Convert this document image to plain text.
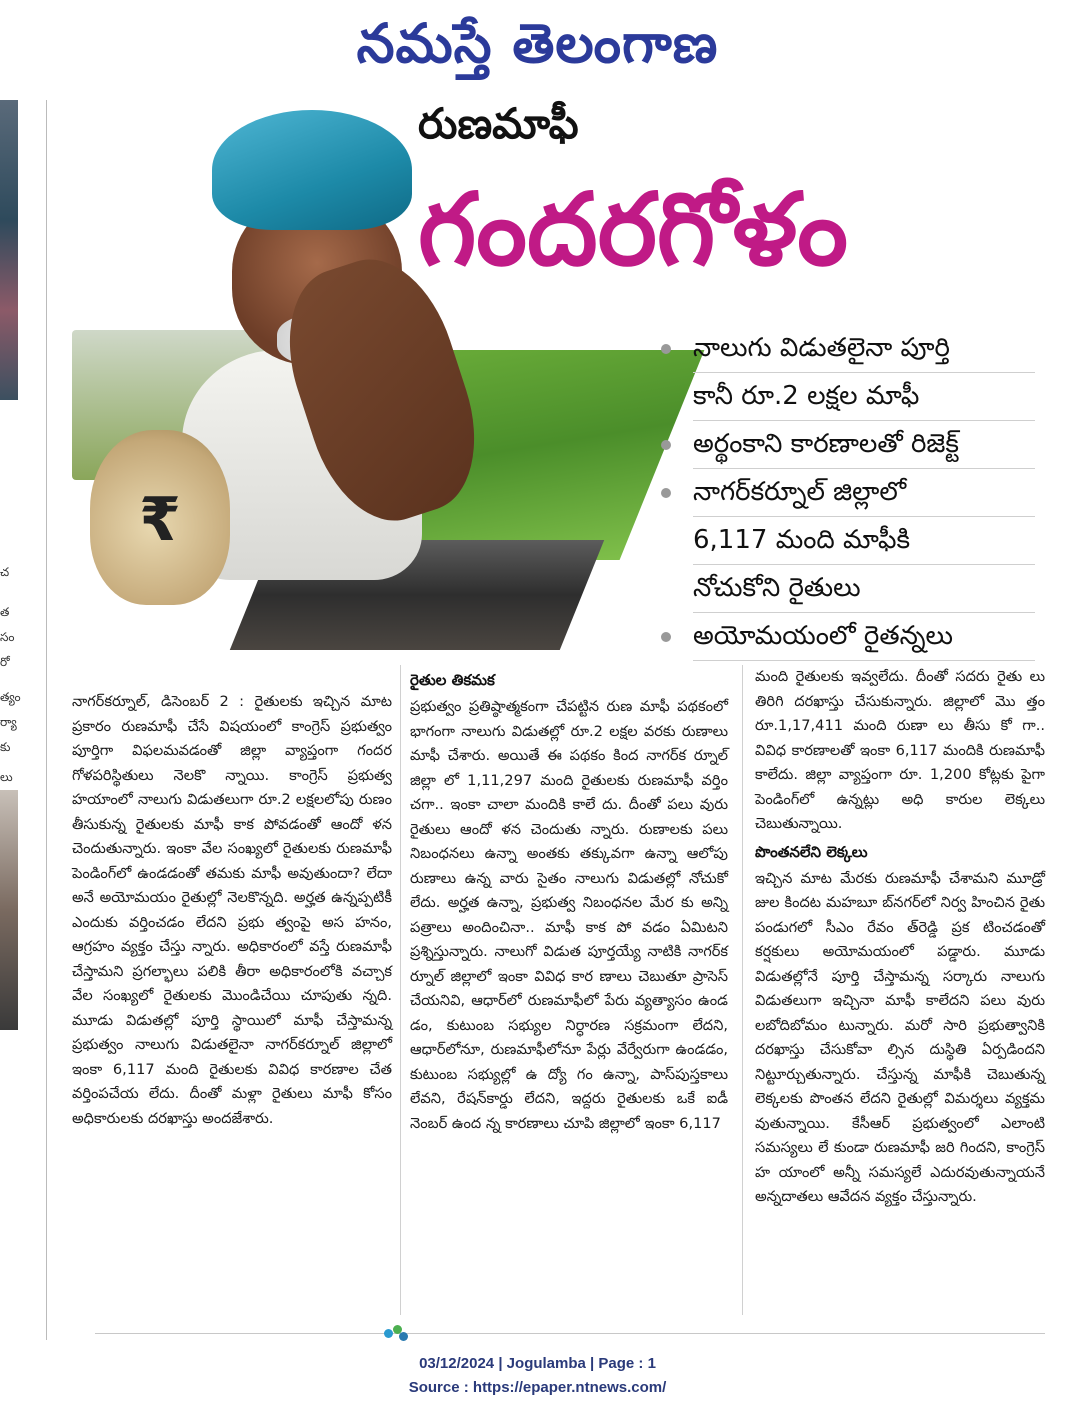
నమస్తే తెలంగాణ
చ
త
సం
రో
త్యం
ర్యా
కు
లు
₹
రుణమాఫీ
గందరగోళం
నాలుగు విడుతలైనా పూర్తి
కానీ రూ.2 లక్షల మాఫీ
అర్థంకాని కారణాలతో రిజెక్ట్
నాగర్‌కర్నూల్ జిల్లాలో
6,117 మంది మాఫీకి
నోచుకోని రైతులు
అయోమయంలో రైతన్నలు
నాగర్‌కర్నూల్, డిసెంబర్ 2 : రైతులకు ఇచ్చిన మాట ప్రకారం రుణమాఫీ చేసే విషయంలో కాంగ్రెస్ ప్రభుత్వం పూర్తిగా విఫలమవడంతో జిల్లా వ్యాప్తంగా గందర గోళపరిస్థితులు నెలకొ న్నాయి. కాంగ్రెస్ ప్రభుత్వ హయాంలో నాలుగు విడుతలుగా రూ.2 లక్షలలోపు రుణం తీసుకున్న రైతులకు మాఫీ కాక పోవడంతో ఆందో ళన చెందుతున్నారు. ఇంకా వేల సంఖ్యలో రైతులకు రుణమాఫీ పెండింగ్‌లో ఉండడంతో తమకు మాఫీ అవుతుందా? లేదా అనే అయోమయం రైతుల్లో నెలకొన్నది. అర్హత ఉన్నప్పటికీ ఎందుకు వర్తించడం లేదని ప్రభు త్వంపై అస హనం, ఆగ్రహం వ్యక్తం చేస్తు న్నారు. అధికారంలో వస్తే రుణమాఫీ చేస్తామని ప్రగల్భాలు పలికి తీరా అధికారంలోకి వచ్చాక వేల సంఖ్యలో రైతులకు మొండిచేయి చూపుతు న్నది. మూడు విడుతల్లో పూర్తి స్థాయిలో మాఫీ చేస్తామన్న ప్రభుత్వం నాలుగు విడుతలైనా నాగర్‌కర్నూల్ జిల్లాలో ఇంకా 6,117 మంది రైతులకు వివిధ కారణాల చేత వర్తింపచేయ లేదు. దీంతో మళ్లా రైతులు మాఫీ కోసం అధికారులకు దరఖాస్తు అందజేశారు.
రైతుల తికమక
ప్రభుత్వం ప్రతిష్ఠాత్మకంగా చేపట్టిన రుణ మాఫీ పథకంలో భాగంగా నాలుగు విడుతల్లో రూ.2 లక్షల వరకు రుణాలు మాఫీ చేశారు. అయితే ఈ పథకం కింద నాగర్‌క ర్నూల్ జిల్లా లో 1,11,297 మంది రైతులకు రుణమాఫీ వర్తిం చగా.. ఇంకా చాలా మందికి కాలే దు. దీంతో పలు వురు రైతులు ఆందో ళన చెందుతు న్నారు. రుణాలకు పలు నిబంధనలు ఉన్నా అంతకు తక్కువగా ఉన్నా ఆలోపు రుణాలు ఉన్న వారు సైతం నాలుగు విడుతల్లో నోచుకో లేదు. అర్హత ఉన్నా, ప్రభుత్వ నిబంధనల మేర కు అన్ని పత్రాలు అందించినా.. మాఫీ కాక పో వడం ఏమిటని ప్రశ్నిస్తున్నారు. నాలుగో విడుత పూర్తయ్యే నాటికి నాగర్‌క ర్నూల్ జిల్లాలో ఇంకా వివిధ కార ణాలు చెబుతూ ప్రాసెస్ చేయనివి, ఆధార్‌లో రుణమాఫీలో పేరు వ్యత్యాసం ఉండ డం, కుటుంబ సభ్యుల నిర్ధారణ సక్రమంగా లేదని, ఆధార్‌లోనూ, రుణమాఫీలోనూ పేర్లు వేర్వేరుగా ఉండడం, కుటుంబ సభ్యుల్లో ఉ ద్యో గం ఉన్నా, పాస్‌పుస్తకాలు లేవని, రేషన్‌కార్డు లేదని, ఇద్దరు రైతులకు ఒకే ఐడీ నెంబర్ ఉంద న్న కారణాలు చూపి జిల్లాలో ఇంకా 6,117
మంది రైతులకు ఇవ్వలేదు. దీంతో సదరు రైతు లు తిరిగి దరఖాస్తు చేసుకున్నారు. జిల్లాలో మొ త్తం రూ.1,17,411 మంది రుణా లు తీసు కో గా.. వివిధ కారణాలతో ఇంకా 6,117 మందికి రుణమాఫీ కాలేదు. జిల్లా వ్యాప్తంగా రూ. 1,200 కోట్లకు పైగా పెండింగ్‌లో ఉన్నట్లు అధి కారుల లెక్కలు చెబుతున్నాయి.
పొంతనలేని లెక్కలు
ఇచ్చిన మాట మేరకు రుణమాఫీ చేశామని మూడ్రో జుల కిందట మహబూ బ్‌నగర్‌లో నిర్వ హించిన రైతు పండుగలో సీఎం రేవం త్‌రెడ్డి ప్రక టించడంతో కర్షకులు అయోమయంలో పడ్డారు. మూడు విడుతల్లోనే పూర్తి చేస్తామన్న సర్కారు నాలుగు విడుతలుగా ఇచ్చినా మాఫీ కాలేదని పలు వురు లబోదిబోమం టున్నారు. మరో సారి ప్రభుత్వానికి దరఖాస్తు చేసుకోవా ల్సిన దుస్థితి ఏర్పడిందని నిట్టూర్చుతున్నారు. చేస్తున్న మాఫీకి చెబుతున్న లెక్కలకు పొంతన లేదని రైతుల్లో విమర్శలు వ్యక్తమ వుతున్నాయి. కేసీఆర్ ప్రభుత్వంలో ఎలాంటి సమస్యలు లే కుండా రుణమాఫీ జరి గిందని, కాంగ్రెస్ హ యాంలో అన్నీ సమస్యలే ఎదురవుతున్నాయనే అన్నదాతలు ఆవేదన వ్యక్తం చేస్తున్నారు.
03/12/2024 | Jogulamba | Page : 1
Source : https://epaper.ntnews.com/
